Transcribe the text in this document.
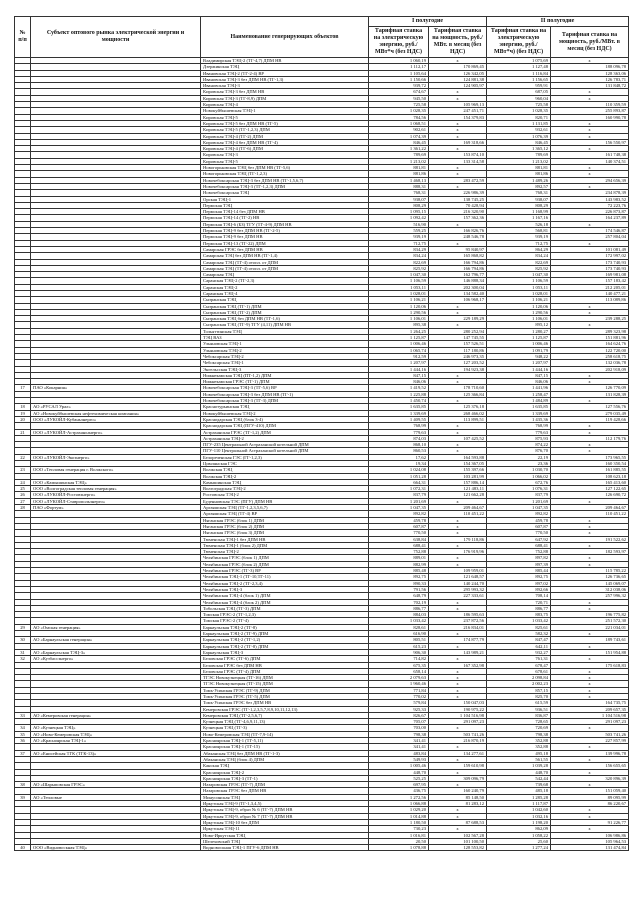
№ п/п	Субъект оптового рынка электрической энергии и мощности	Наименование генерирующих объектов	I полугодие		II полугодие	
			Тарифная ставка на электрическую энергию, руб./МВт*ч (без НДС)	Тарифная ставка на мощность, руб./МВт. в месяц (без НДС)	Тарифная ставка на электрическую энергию, руб./МВт*ч) (без НДС)	Тарифная ставка на мощность, руб./МВт. в месяц (без НДС)
		Владимирская ТЭЦ-2 (ТГ-4,7) ДПМ НВ	1 060,19	х	1 075,69	х
		Дзержинская ТЭЦ	1 112,17	170 869,45	1 127,48	188 096,78
		Ивановская ТЭЦ-2 (ТГ-2-4) ВР	1 105,64	126 342,05	1 116,84	128 363,06
		Ивановская ТЭЦ-3 без ДПМ НВ (ТГ-1,3)	1 150,66	124 881,38	1 156,65	126 783,71
		Ивановская ТЭЦ-3	939,72	124 905,97	959,91	131 848,72
		Кировская ТЭЦ-3 без ДПМ НВ	674,67	х	687,05	х
		Кировская ТЭЦ-3 (ТГ-8,9) ДПМ	945,50	х	960,04	х
		Кировская ТЭЦ-4	725,58	105 969,13	725,58	110 359,59
		Новокуйбышевская ТЭЦ-1	1 028,35	247 451,71	1 028,35	255 893,87
		Кировская ТЭЦ-5	784,56	154 379,83	820,71	160 990,78
		Кировская ТЭЦ-5 без ДПМ НВ (ТГ-5)	1 068,51	х	1 131,85	х
		Кировская ТЭЦ-5 (ТГ-1,2,3) ДПМ	902,61	х	932,61	х
		Кировская ТЭЦ-4 (ТГ-2) ДПМ	1 074,39	х	1 076,39	х
		Кировская ТЭЦ-4 без ДПМ НВ (ТГ-4)	846,45	169 318,66	846,45	156 550,97
		Кировская ТЭЦ-4 (ТГ-6) ДПМ	1 361,22	х	1 365,12	х
		Кировская ТЭЦ-3	789,69	153 874,10	789,69	161 748,38
		Кировская ТЭЦ-5	1 213,02	133 314,58	1 213,02	140 374,51
		Новогорьковская ТЭЦ без ДПМ НВ (ТГ-5,6)	881,81	х	881,81	х
		Новогорьковская ТЭЦ (ТГ-1,2,3)	881,86	х	881,86	х
		Новочебоксарская ТЭЦ-3 без ДПМ НВ (ТГ-1,5,6,7)	1 468,13	283 472,59	1 489,26	294 656,39
		Новочебоксарская ТЭЦ-3 (ТГ-1,2,3) ДПМ	888,31	х	892,57	х
		Новочебоксарская ТЭЦ	768,31	226 986,39	768,31	234 878,39
		Орская ТЭЦ-1	938,07	138 745,25	938,07	143 983,52
		Пермская ТЭЦ	808,29	70 428,94	808,29	72 223,76
		Пермская ТЭЦ-14 без ДПМ НВ	1 095,15	216 320,90	1 168,99	226 873,87
		Пермская ТЭЦ-14 (ТГ-2) НВ	1 092,42	157 362,36	1 167,16	164 237,89
		Пермская ТЭЦ-6 (БЗ) ТГУ (ТГ-4-9) ДПМ НВ	516,90	х	526,18	х
		Пермская ТЭЦ-9 без ДПМ НВ (ТГ-2-5)	559,25	166 826,76	568,81	174 546,87
		Пермская ТЭЦ-9 без ДПМ НВ	939,19	248 546,78	939,19	257 804,04
		Пермская ТЭЦ-13 (ТГ-22) ДПМ	712,75	х	712,75	х
		Самарская ГРЭС без ДПМ НВ	834,29	95 840,97	864,29	101 081,49
		Самарская ТЭЦ без ДПМ НВ (ТГ-1,4)	834,24	165 868,82	834,24	172 997,02
		Самарская ТЭЦ (ТГ-4) отопл. от ДПМ	822,69	166 794,86	822,69	173 740,93
		Самарская ТЭЦ (ТГ-4) отопл. от ДПМ	825,92	166 794,86	825,92	173 740,93
		Самарская ТЭЦ	1 047,30	162 796,77	1 047,30	169 981,08
		Саранская ТЭЦ-2 (ТГ-2,3)	1 106,59	146 888,34	1 106,59	157 183,42
		Саранская ТЭЦ-2	1 053,11	202 300,04	1 053,11	212 205,01
		Саранская ТЭЦ-4	1 028,01	134 582,40	1 028,01	140 477,21
		Сызранская ТЭЦ	1 106,21	106 968,17	1 106,21	113 089,86
		Сызранская ТЭЦ (ТГ-1) ДПМ	1 120,06	х	1 120,06	х
		Сызранская ТЭЦ (ТГ-2) ДПМ	1 290,56	х	1 290,56	х
		Сызранская ТЭЦ без ДПМ НВ (ТГ-1,6)	1 106,01	229 189,29	1 106,01	239 288,25
		Сызранская ТЭЦ (ТГ-9) ТГУ (4,11) ДПМ НВ	895,38	х	895,12	х
		Тольяттинская ТЭЦ	1 264,25	280 252,94	1 280,27	289 323,98
		ТЭЦ ВАЗ	1 125,87	147 745,55	1 125,87	151 881,96
		Ульяновская ТЭЦ-1	1 006,46	157 526,51	1 006,46	164 624,76
		Ульяновская ТЭЦ-2	1 065,74	117 180,86	1 091,79	122 720,00
		Чебоксарская ТЭЦ-2	912,59	246 973,35	948,22	258 618,75
		Чебоксарская ТЭЦ-1	1 207,97	127 203,52	1 207,97	132 036,78
		Энгельсская ТЭЦ-3	1 444,16	194 923,38	1 444,16	202 918,09
		Нижнекамская ТЭЦ (ПТ-1,2) ДПМ	847,15	х	847,15	х
		Нижнекамская ГРЭС (ТГ-1) ДПМ	846,06	х	846,06	х
17	ПАО «Кокарния»	Новочебоксарская ТЭЦ-3 (ТГ-5,6) ВР	1 419,52	178 710,60	1 441,96	126 770,09
		Новочебоксарская ТЭЦ-3 без ДПМ НВ (ТГ-1)	1 225,88	125 366,84	1 258,47	131 828,39
		Новочебоксарская ТЭЦ-3 (ТГ-3) ДПМ	1 450,74	х	1 484,89	х
18	АО «РУСАЛ Урал»	Краснотурьинская ТЭЦ	1 635,85	125 376,18	1 635,85	127 556,76
19	АО «Новокуйбышевская нефтехимическая компания»	Новокуйбышевская ТЭЦ-2	1 339,69	268 466,02	1 339,69	279 035,49
20	ООО «ЛУКОЙЛ-Кубаньэнерго»	Краснодарская ТЭЦ (блок 3-4)	1 409,55	113 899,51	1 435,36	119 428,66
		Краснодарская ТЭЦ (ПГУ-410) ДПМ	768,99	х	768,99	х
21	ООО «ЛУКОЙЛ-Астраханьэнерго»	Астраханская ГРЭС (ТГ-1,2) ДПМ	779,63	х	779,63	х
		Астраханская ТЭЦ-2	874,03	107 425,52	875,93	112 179,76
		ПГУ-235 Центральной Астраханской котельной ДПМ	868,10	х	874,22	х
		ПГУ-110 Центральной Астраханской котельной ДПМ	860,53	х	876,70	х
22	ООО «ЛУКОЙЛ-Экоэнерго»	Белореченская ГЭС (ГГ-1,2,3)	17,62	164 593,88	22,19	173 965,55
		Цимлянская ГЭС	19,34	154 367,05	23,36	160 350,54
23	ООО «Тепловая генерация г. Волжского»	Волжская ТЭЦ	1 024,08	155 397,66	1 030,70	161 885,55
		Волжская ТЭЦ-2	1 051,28	103 281,99	1 066,02	108 623,18
24	ООО «Камышинская ТЭЦ»	Камышинская ТЭЦ	664,31	157 886,14	672,76	165 413,60
25	ООО «Волгоградская тепловая генерация»	Волгоградская ТЭЦ-2	1 072,31	121 483,11	1 076,31	127 122,65
26	ООО «ЛУКОЙЛ-Ростовэнерго»	Ростовская ТЭЦ-2	837,79	121 662,28	837,79	126 690,72
27	ООО «ЛУКОЙЛ-Ставропольэнерго»	Буденновская ТЭС (ПГУ) ДПМ НВ	1 201,69	х	1 201,69	х
28	ПАО «Фортум»	Аргаяшская ТЭЦ (ТГ-1,2,3,5,6,7)	1 047,35	209 464,67	1 047,35	209 464,67
		Аргаяшская ТЭЦ (ТГ-4) ВР	892,82	110 451,22	892,82	110 451,22
		Няганская ГРЭС (блок 1) ДПМ	459,78	х	459,78	х
		Няганская ГРЭС (блок 2) ДПМ	607,87	х	607,87	х
		Няганская ГРЭС (блок 3) ДПМ	770,50	х	770,50	х
		Тюменская ТЭЦ-1 без ДПМ НВ	638,84	179 118,86	647,92	191 522,62
		Тюменская ТЭЦ-1 (блок 2) ДПМ	688,41	х	688,41	х
		Тюменская ТЭЦ-2	752,88	176 919,96	752,88	182 593,97
		Челябинская ГРЭС (блок 1) ДПМ	889,01	х	897,82	х
		Челябинская ГРЭС (блок 2) ДПМ	882,99	х	897,39	х
		Челябинская ГРЭС (ТГ-3) ВР	885,48	109 959,01	885,44	115 785,22
		Челябинская ТЭЦ-1 (ТГ-10,ТГ-11)	892,75	121 648,57	892,75	126 736,65
		Челябинская ТЭЦ-2 (ТГ-2,3,4)	890,33	140 244,70	897,02	145 069,07
		Челябинская ТЭЦ-3	791,56	295 993,32	892,66	312 038,06
		Челябинская ТЭЦ-4 (блок 1) ДПМ	648,79	227 333,61	708,14	257 996,32
		Челябинская ТЭЦ-4 (блок 2) ДПМ	702,19	х	720,71	х
		Тобольская ТЭЦ (ТГ-3) ДПМ	886,77	х	886,77	х
		Томская ГРЭС-2 (ТГ-1,2,3)	884,03	186 595,63	883,75	196 775,82
		Томская ГРЭС-2 (ТГ-4)	1 033,42	237 872,56	1 033,42	251 572,30
29	АО «Омская генерация»	Барнаульская ТЭЦ-2 (ТГ-8)	828,61	216 834,01	825,61	221 034,01
		Барнаульская ТЭЦ-2 (ТГ-9) ДПМ	616,90	х	582,32	х
30	АО «Барнаульская генерация»	Барнаульская ТЭЦ-2 (ТГ-1,2)	805,51	174 877,79	847,47	189 743,61
		Барнаульская ТЭЦ-2 (ТГ-8) ДПМ	615,23	х	642,11	х
31	АО «Барнаульская ТЭЦ-3»	Барнаульская ТЭЦ-3	906,30	143 989,21	932,27	151 954,88
32	АО «Кузбассэнерго»	Беловская ГРЭС (ТГ-6) ДПМ	714,82	х	761,31	х
		Беловская ГРЭС без ДПМ НВ	675,35	167 352,98	678,47	175 618,83
		Беловская ГРЭС (ТГ-4) ДПМ	658,14	х	678,61	х
		ТГЭС Новокузнецкая (ТГ-16) ДПМ	2 079,63	х	2 098,84	х
		ТГЭС Новокузнецкая (ТГ-15) ДПМ	1 960,46	х	2 002,23	х
		Томь-Усинская ГРЭС (ТГ-9) ДПМ	771,84	х	857,15	х
		Томь-Усинская ГРЭС (ТГ-5) ДПМ	770,02	х	825,70	х
		Томь-Усинская ГРЭС без ДПМ НВ	579,84	150 047,03	615,59	164 735,75
		Кемеровская ГРЭС (ТГ-1,2,3,5,7,8,9,10,11,12,13)	925,33	190 975,22	936,51	209 657,35
33	АО «Кемеровская генерация»	Кемеровская ТЭЦ (ТГ-2,5,6,7)	826,67	1 104 516,98	836,87	1 104 516,98
		Кузнецкая ТЭЦ (ТГ-4,6,9,11,13)	705,07	291 097,23	728,65	291 097,23
34	АО «Кузнецкая ТЭЦ»	Кузнецкая ТЭЦ (ТГ-3)	703,00	х	720,69	х
35	АО «Ново-Кемеровская ТЭЦ»	Ново-Кемеровская ТЭЦ (ТГ-7,9-14)	798,38	503 741,26	798,38	503 741,26
36	АО «Красноярская ТЭЦ-1»	Красноярская ТЭЦ-1 (ТГ-5,11)	341,41	216 870,19	352,88	227 857,99
		Красноярская ТЭЦ-1 (ТГ-15)	341,41	х	352,88	х
37	АО «Енисейская ТГК (ТГК-13)»	Абаканская ТЭЦ без ДПМ НВ (ТГ-1-3)	483,84	134 277,61	495,18	139 996,78
		Абаканская ТЭЦ (блок 4) ДПМ	549,93	х	561,55	х
		Канская ТЭЦ	1 005,46	159 610,98	1 039,28	156 655,65
		Красноярская ТЭЦ-2	448,70	х	448,70	х
		Красноярская ТЭЦ-3 (ТГ-1)	525,25	309 096,79	542,44	320 896,39
38	АО «Шарыповская ГРЭС»	Назаровская ГРЭС (ТГ-7) ДПМ	697,95	х	739,68	х
		Назаровская ГРЭС без ДПМ НВ	436,75	160 240,79	485,18	151 059,40
39	АО «Тепловые	Минусинская ТЭЦ	1 272,56	85 148,50	1 285,28	89 095,99
		Иркутская ТЭЦ-9 (ТГ-1,3,4,5)	1 066,88	81 283,12	1 117,87	86 220,67
		Иркутская ТЭЦ-9, образ № 6 (ТГ-7) ДПМ НВ	1 029,20	х	1 042,60	х
		Иркутская ТЭЦ-9, образ № 7 (ТГ-7) ДПМ НВ	1 014,88	х	1 032,16	х
		Иркутская ТЭЦ-10 без ДПМ	1 180,50	87 688,53	1 198,20	91 226,77
		Иркутская ТЭЦ-11	730,23	х	862,09	х
		Ново-Иркутская ТЭЦ	1 016,81	102 567,28	1 058,22	106 986,86
		Шелеховский ТЭЦ	20,50	101 100,50	25,60	105 964,53
40	ООО «Видновоскная ТЭЦ»	Видновоскная ТЭЦ-1 ПГУ-6 ДПМ НВ	1 078,88	128 553,82	1 277,24	131 474,84
